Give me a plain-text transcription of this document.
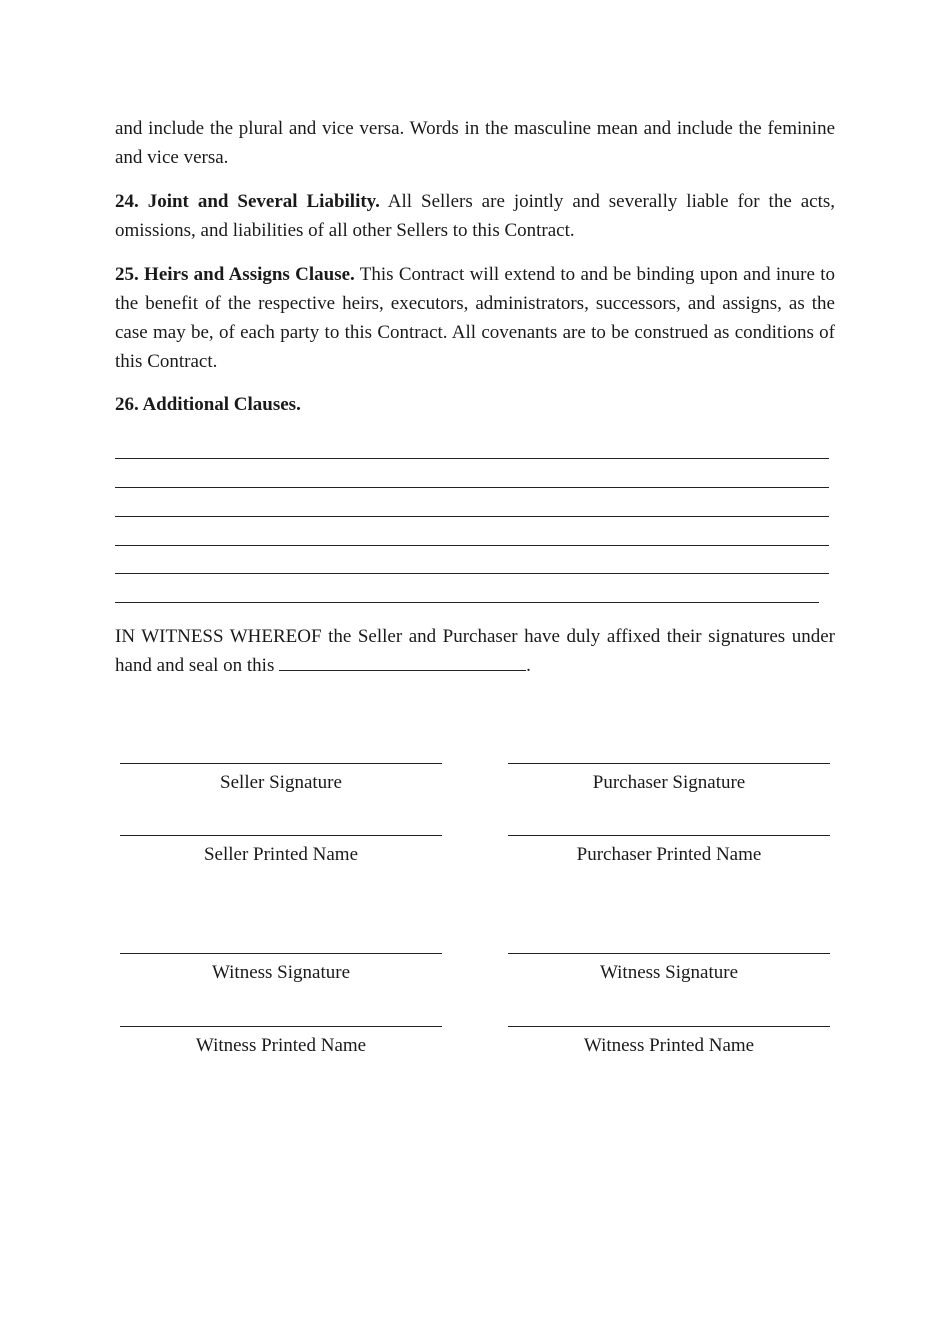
and include the plural and vice versa. Words in the masculine mean and include the feminine and vice versa.

24. Joint and Several Liability. All Sellers are jointly and severally liable for the acts, omissions, and liabilities of all other Sellers to this Contract.

25. Heirs and Assigns Clause. This Contract will extend to and be binding upon and inure to the benefit of the respective heirs, executors, administrators, successors, and assigns, as the case may be, of each party to this Contract. All covenants are to be construed as conditions of this Contract.

26. Additional Clauses.

IN WITNESS WHEREOF the Seller and Purchaser have duly affixed their signatures under hand and seal on this	.

Seller Signature	Purchaser Signature
Seller Printed Name	Purchaser Printed Name
Witness Signature	Witness Signature
Witness Printed Name	Witness Printed Name
